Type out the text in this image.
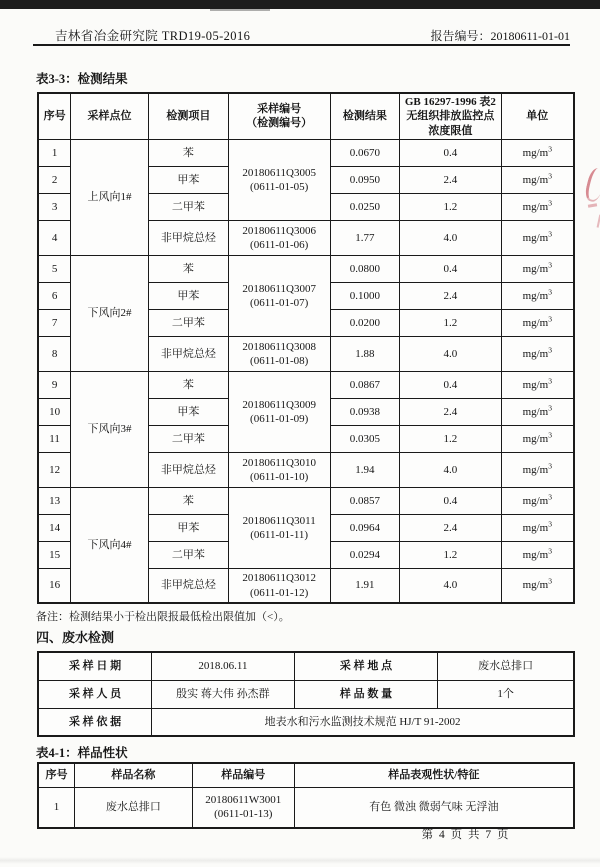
吉林省冶金研究院 TRD19-05-2016	报告编号：20180611-01-01
表3-3：检测结果
序号	采样点位	检测项目	采样编号
（检测编号）	检测结果	GB 16297-1996 表2无组织排放监控点浓度限值	单位
1	上风向1#	苯	20180611Q3005
(0611-01-05)	0.0670	0.4	$mg/m^3$
2		甲苯		0.0950	2.4	$mg/m^3$
3		二甲苯		0.0250	1.2	$mg/m^3$
4		非甲烷总烃	20180611Q3006
(0611-01-06)	1.77	4.0	$mg/m^3$
5	下风向2#	苯	20180611Q3007
(0611-01-07)	0.0800	0.4	$mg/m^3$
6		甲苯		0.1000	2.4	$mg/m^3$
7		二甲苯		0.0200	1.2	$mg/m^3$
8		非甲烷总烃	20180611Q3008
(0611-01-08)	1.88	4.0	$mg/m^3$
9	下风向3#	苯	20180611Q3009
(0611-01-09)	0.0867	0.4	$mg/m^3$
10		甲苯		0.0938	2.4	$mg/m^3$
11		二甲苯		0.0305	1.2	$mg/m^3$
12		非甲烷总烃	20180611Q3010
(0611-01-10)	1.94	4.0	$mg/m^3$
13	下风向4#	苯	20180611Q3011
(0611-01-11)	0.0857	0.4	$mg/m^3$
14		甲苯		0.0964	2.4	$mg/m^3$
15		二甲苯		0.0294	1.2	$mg/m^3$
16		非甲烷总烃	20180611Q3012
(0611-01-12)	1.91	4.0	$mg/m^3$
备注：检测结果小于检出限报最低检出限值加（<）。
四、废水检测
采 样 日 期	2018.06.11	采 样 地 点	废水总排口
采 样 人 员	殷实 蒋大伟 孙杰群	样 品 数 量	1个
采 样 依 据	地表水和污水监测技术规范 HJ/T 91-2002		
表4-1：样品性状
序号	样品名称	样品编号	样品表观性状/特征
1	废水总排口	20180611W3001
(0611-01-13)	有色 微浊 微弱气味 无浮油
第 4 页 共 7 页
